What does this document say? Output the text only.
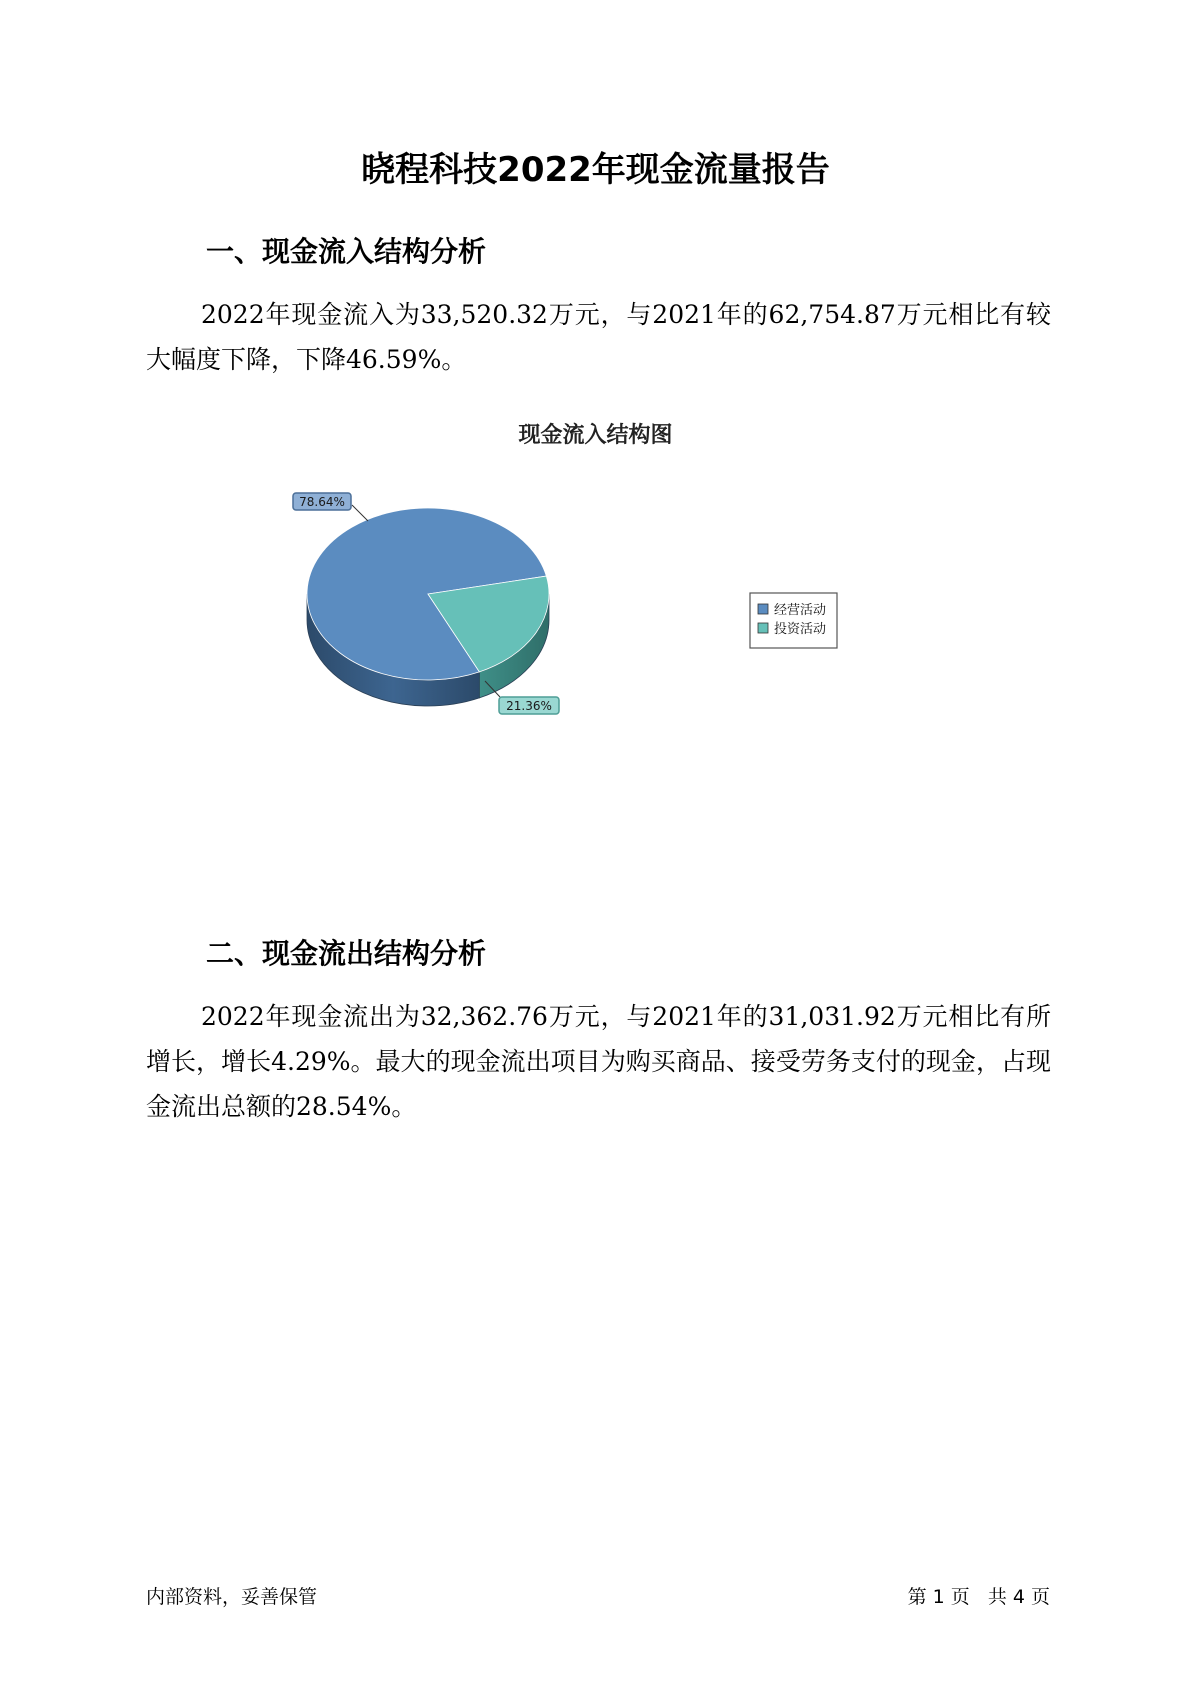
晓程科技2022年现金流量报告
一、现金流入结构分析
2022年现金流入为33,520.32万元，与2021年的62,754.87万元相比有较大幅度下降，下降46.59%。
现金流入结构图
78.64%
21.36%
经营活动
投资活动
二、现金流出结构分析
2022年现金流出为32,362.76万元，与2021年的31,031.92万元相比有所增长，增长4.29%。最大的现金流出项目为购买商品、接受劳务支付的现金，占现金流出总额的28.54%。
内部资料，妥善保管	第 1 页 共 4 页
